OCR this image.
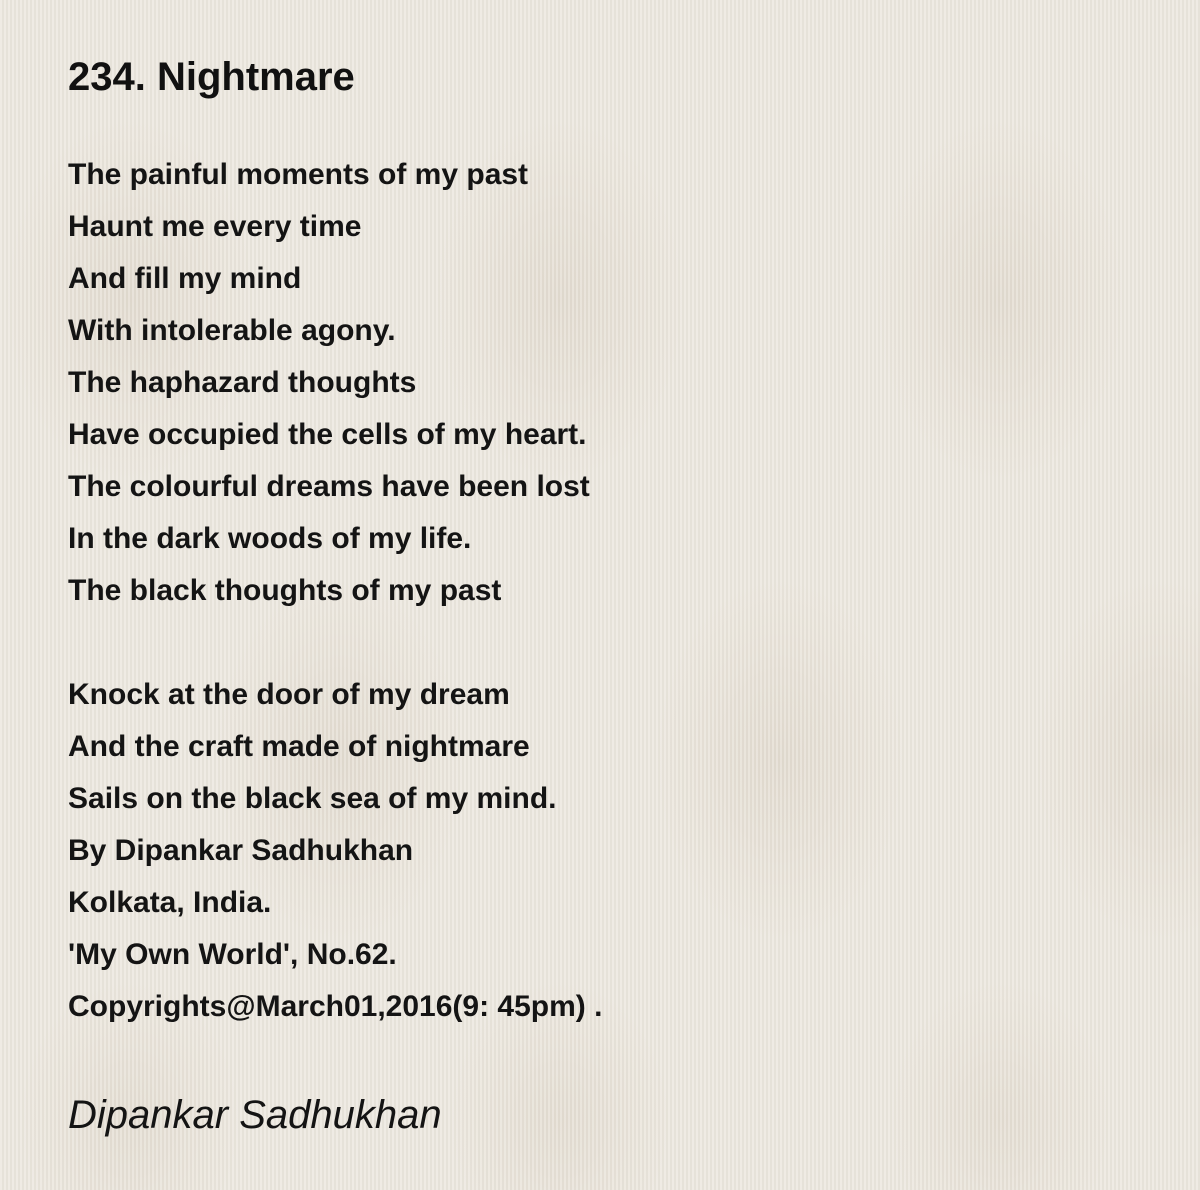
234. Nightmare
The painful moments of my past
Haunt me every time
And fill my mind
With intolerable agony.
The haphazard thoughts
Have occupied the cells of my heart.
The colourful dreams have been lost
In the dark woods of my life.
The black thoughts of my past
Knock at the door of my dream
And the craft made of nightmare
Sails on the black sea of my mind.
By Dipankar Sadhukhan
Kolkata, India.
'My Own World', No.62.
Copyrights@March01,2016(9: 45pm) .
Dipankar Sadhukhan
